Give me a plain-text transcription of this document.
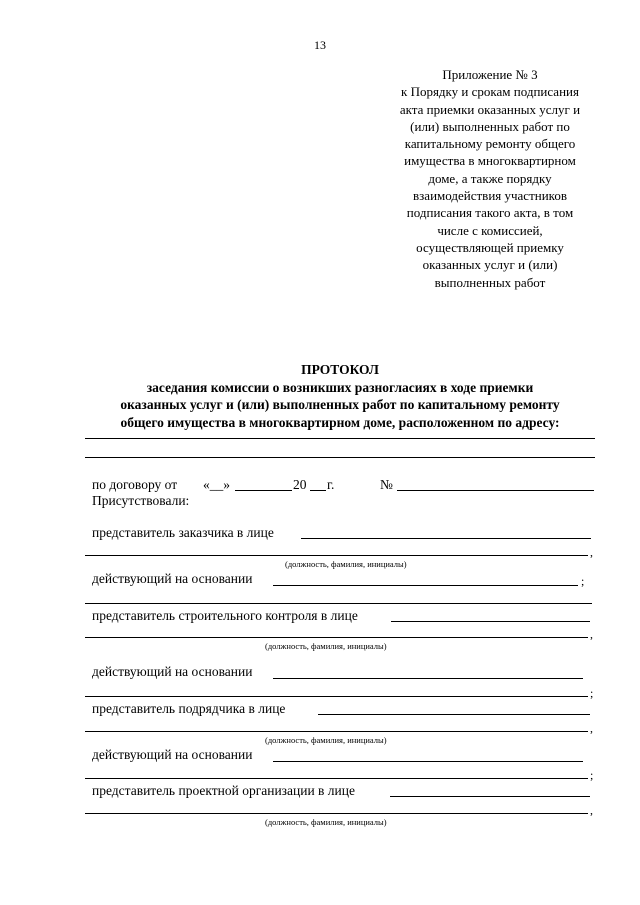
13
Приложение № 3
к Порядку и срокам подписания
акта приемки оказанных услуг и
(или) выполненных работ по
капитальному ремонту общего
имущества в многоквартирном
доме, а также порядку
взаимодействия участников
подписания такого акта, в том
числе с комиссией,
осуществляющей приемку
оказанных услуг и (или)
выполненных работ
ПРОТОКОЛ
заседания комиссии о возникших разногласиях в ходе приемки
оказанных услуг и (или) выполненных работ по капитальному ремонту
общего имущества в многоквартирном доме, расположенном по адресу:
по договору от «__»	20 г.	№
Присутствовали:
представитель заказчика в лице
,
(должность, фамилия, инициалы)
действующий на основании	;
представитель строительного контроля в лице
,
(должность, фамилия, инициалы)
действующий на основании
;
представитель подрядчика в лице
,
(должность, фамилия, инициалы)
действующий на основании
;
представитель проектной организации в лице
,
(должность, фамилия, инициалы)
